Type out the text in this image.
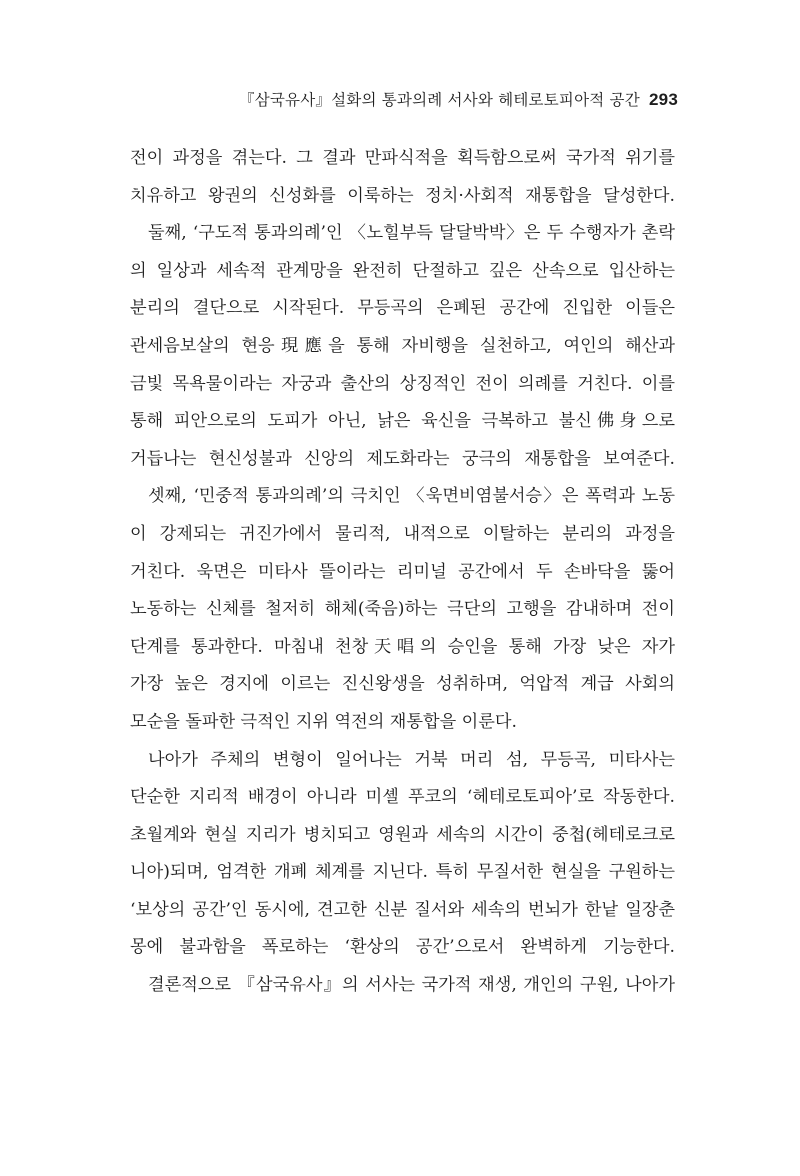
『삼국유사』설화의 통과의례 서사와 헤테로토피아적 공간 293
전이 과정을 겪는다. 그 결과 만파식적을 획득함으로써 국가적 위기를
치유하고 왕권의 신성화를 이룩하는 정치·사회적 재통합을 달성한다.
둘째, ‘구도적 통과의례’인 〈노힐부득 달달박박〉은 두 수행자가 촌락
의 일상과 세속적 관계망을 완전히 단절하고 깊은 산속으로 입산하는
분리의 결단으로 시작된다. 무등곡의 은폐된 공간에 진입한 이들은
관세음보살의 현응現應을 통해 자비행을 실천하고, 여인의 해산과
금빛 목욕물이라는 자궁과 출산의 상징적인 전이 의례를 거친다. 이를
통해 피안으로의 도피가 아닌, 낡은 육신을 극복하고 불신佛身으로
거듭나는 현신성불과 신앙의 제도화라는 궁극의 재통합을 보여준다.
셋째, ‘민중적 통과의례’의 극치인 〈욱면비염불서승〉은 폭력과 노동
이 강제되는 귀진가에서 물리적, 내적으로 이탈하는 분리의 과정을
거친다. 욱면은 미타사 뜰이라는 리미널 공간에서 두 손바닥을 뚫어
노동하는 신체를 철저히 해체(죽음)하는 극단의 고행을 감내하며 전이
단계를 통과한다. 마침내 천창天唱의 승인을 통해 가장 낮은 자가
가장 높은 경지에 이르는 진신왕생을 성취하며, 억압적 계급 사회의
모순을 돌파한 극적인 지위 역전의 재통합을 이룬다.
나아가 주체의 변형이 일어나는 거북 머리 섬, 무등곡, 미타사는
단순한 지리적 배경이 아니라 미셸 푸코의 ‘헤테로토피아’로 작동한다.
초월계와 현실 지리가 병치되고 영원과 세속의 시간이 중첩(헤테로크로
니아)되며, 엄격한 개폐 체계를 지닌다. 특히 무질서한 현실을 구원하는
‘보상의 공간’인 동시에, 견고한 신분 질서와 세속의 번뇌가 한낱 일장춘
몽에 불과함을 폭로하는 ‘환상의 공간’으로서 완벽하게 기능한다.
결론적으로 『삼국유사』의 서사는 국가적 재생, 개인의 구원, 나아가
